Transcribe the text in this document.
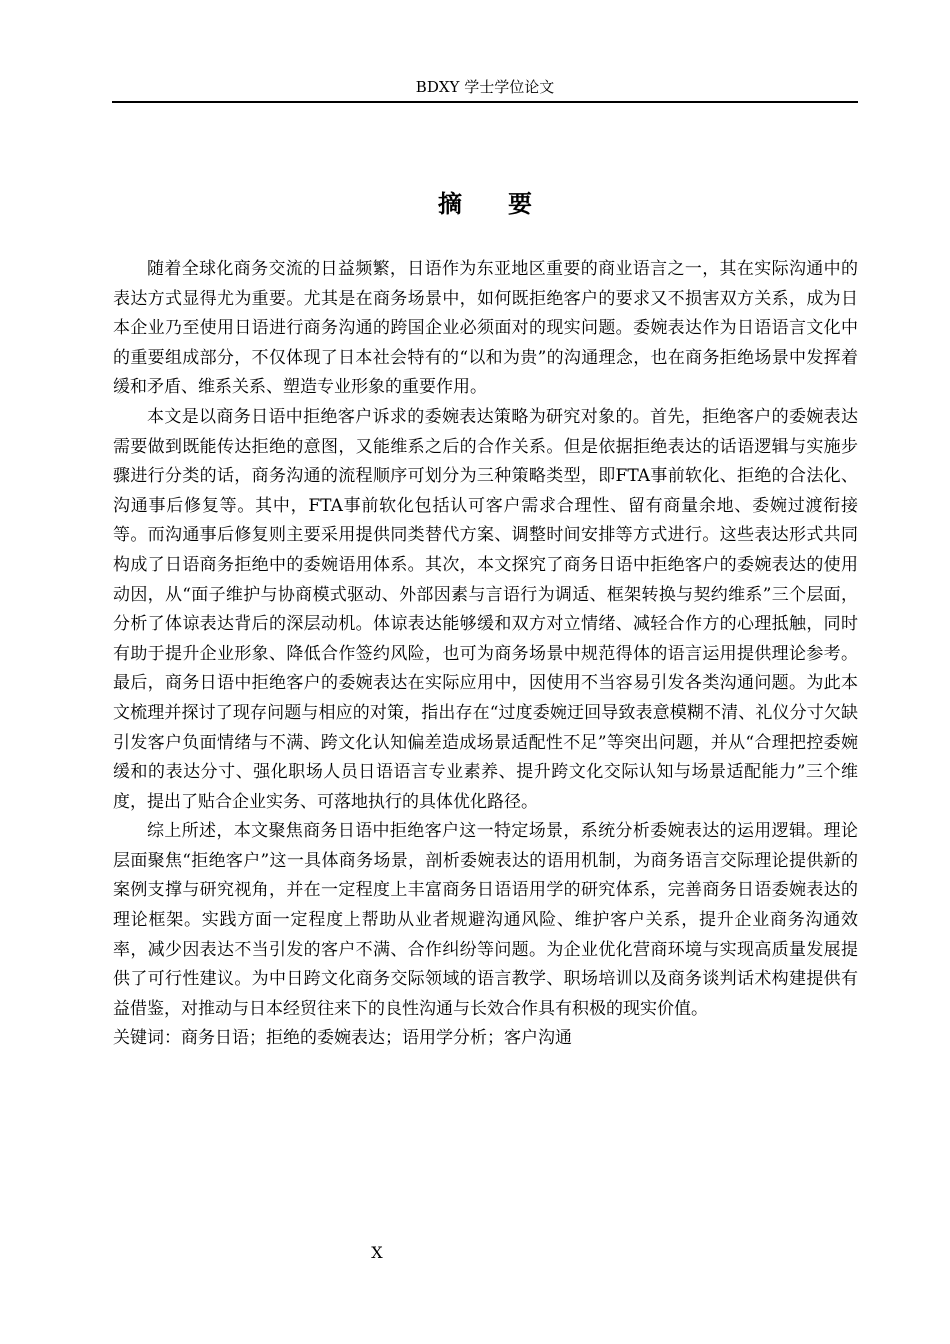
BDXY 学士学位论文
摘要

随着全球化商务交流的日益频繁，日语作为东亚地区重要的商业语言之一，其在实际沟通中的表达方式显得尤为重要。尤其是在商务场景中，如何既拒绝客户的要求又不损害双方关系，成为日本企业乃至使用日语进行商务沟通的跨国企业必须面对的现实问题。委婉表达作为日语语言文化中的重要组成部分，不仅体现了日本社会特有的“以和为贵”的沟通理念，也在商务拒绝场景中发挥着缓和矛盾、维系关系、塑造专业形象的重要作用。

本文是以商务日语中拒绝客户诉求的委婉表达策略为研究对象的。首先，拒绝客户的委婉表达需要做到既能传达拒绝的意图，又能维系之后的合作关系。但是依据拒绝表达的话语逻辑与实施步骤进行分类的话，商务沟通的流程顺序可划分为三种策略类型，即FTA事前软化、拒绝的合法化、沟通事后修复等。其中，FTA事前软化包括认可客户需求合理性、留有商量余地、委婉过渡衔接等。而沟通事后修复则主要采用提供同类替代方案、调整时间安排等方式进行。这些表达形式共同构成了日语商务拒绝中的委婉语用体系。其次，本文探究了商务日语中拒绝客户的委婉表达的使用动因，从“面子维护与协商模式驱动、外部因素与言语行为调适、框架转换与契约维系”三个层面，分析了体谅表达背后的深层动机。体谅表达能够缓和双方对立情绪、减轻合作方的心理抵触，同时有助于提升企业形象、降低合作签约风险，也可为商务场景中规范得体的语言运用提供理论参考。 最后，商务日语中拒绝客户的委婉表达在实际应用中，因使用不当容易引发各类沟通问题。为此本文梳理并探讨了现存问题与相应的对策，指出存在“过度委婉迂回导致表意模糊不清、礼仪分寸欠缺引发客户负面情绪与不满、跨文化认知偏差造成场景适配性不足”等突出问题，并从“合理把控委婉缓和的表达分寸、强化职场人员日语语言专业素养、提升跨文化交际认知与场景适配能力”三个维度，提出了贴合企业实务、可落地执行的具体优化路径。

综上所述，本文聚焦商务日语中拒绝客户这一特定场景，系统分析委婉表达的运用逻辑。理论层面聚焦“拒绝客户”这一具体商务场景，剖析委婉表达的语用机制，为商务语言交际理论提供新的案例支撑与研究视角，并在一定程度上丰富商务日语语用学的研究体系，完善商务日语委婉表达的理论框架。实践方面一定程度上帮助从业者规避沟通风险、维护客户关系，提升企业商务沟通效率，减少因表达不当引发的客户不满、合作纠纷等问题。为企业优化营商环境与实现高质量发展提供了可行性建议。为中日跨文化商务交际领域的语言教学、职场培训以及商务谈判话术构建提供有益借鉴，对推动与日本经贸往来下的良性沟通与长效合作具有积极的现实价值。

关键词：商务日语；拒绝的委婉表达；语用学分析；客户沟通
X
